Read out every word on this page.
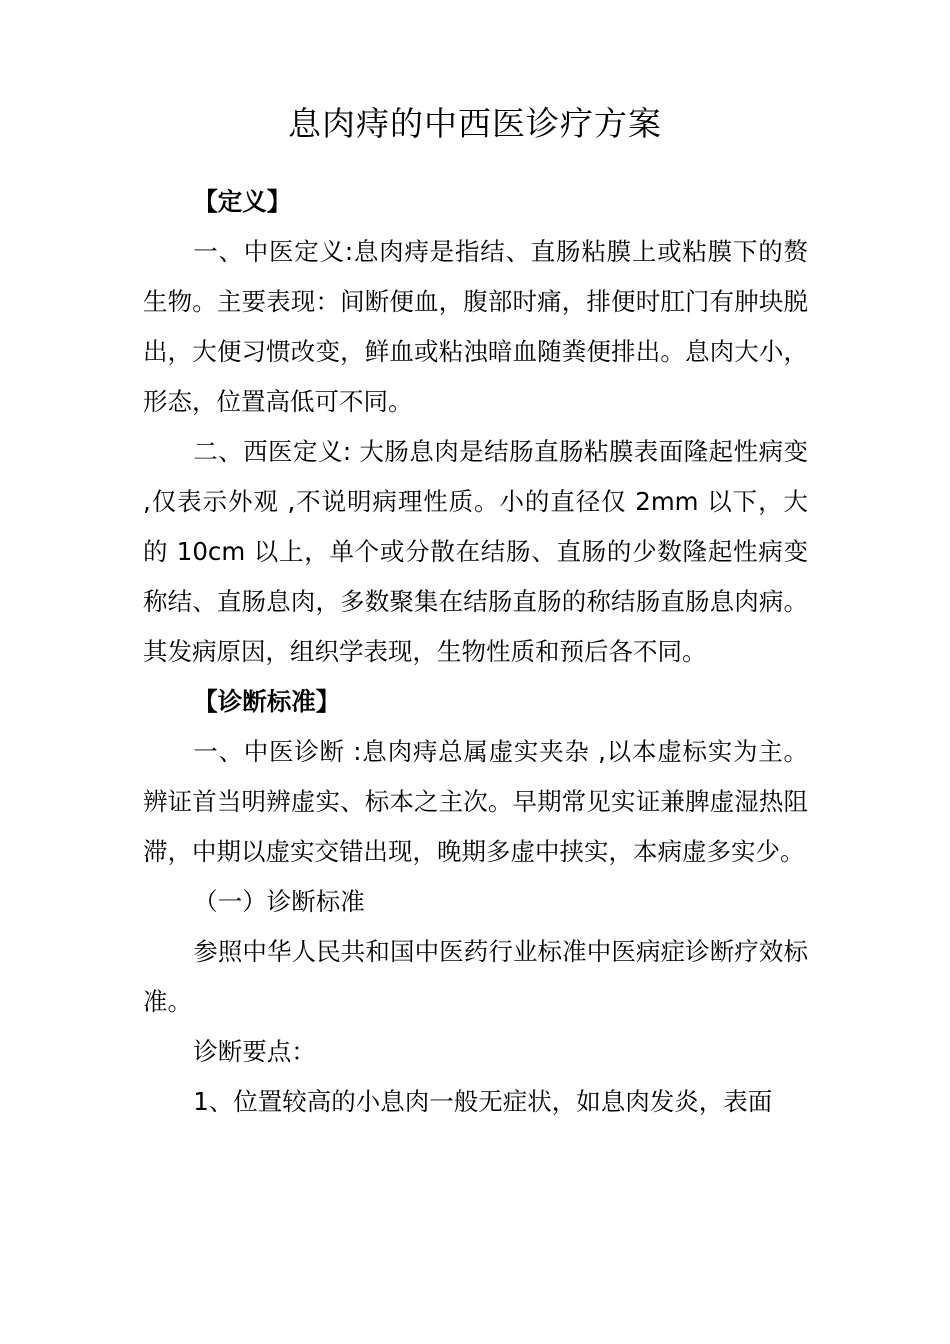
息肉痔的中西医诊疗方案

【定义】

一、中医定义:息肉痔是指结、直肠粘膜上或粘膜下的赘生物。主要表现：间断便血，腹部时痛，排便时肛门有肿块脱出，大便习惯改变，鲜血或粘浊暗血随粪便排出。息肉大小，形态，位置高低可不同。

二、西医定义: 大肠息肉是结肠直肠粘膜表面隆起性病变 ,仅表示外观 ,不说明病理性质。小的直径仅 2mm 以下，大的 10cm 以上，单个或分散在结肠、直肠的少数隆起性病变称结、直肠息肉，多数聚集在结肠直肠的称结肠直肠息肉病。其发病原因，组织学表现，生物性质和预后各不同。

【诊断标准】

一、中医诊断 :息肉痔总属虚实夹杂 ,以本虚标实为主。辨证首当明辨虚实、标本之主次。早期常见实证兼脾虚湿热阻滞，中期以虚实交错出现，晚期多虚中挟实，本病虚多实少。

（一）诊断标准

参照中华人民共和国中医药行业标准中医病症诊断疗效标准。

诊断要点：

1、位置较高的小息肉一般无症状，如息肉发炎，表面
